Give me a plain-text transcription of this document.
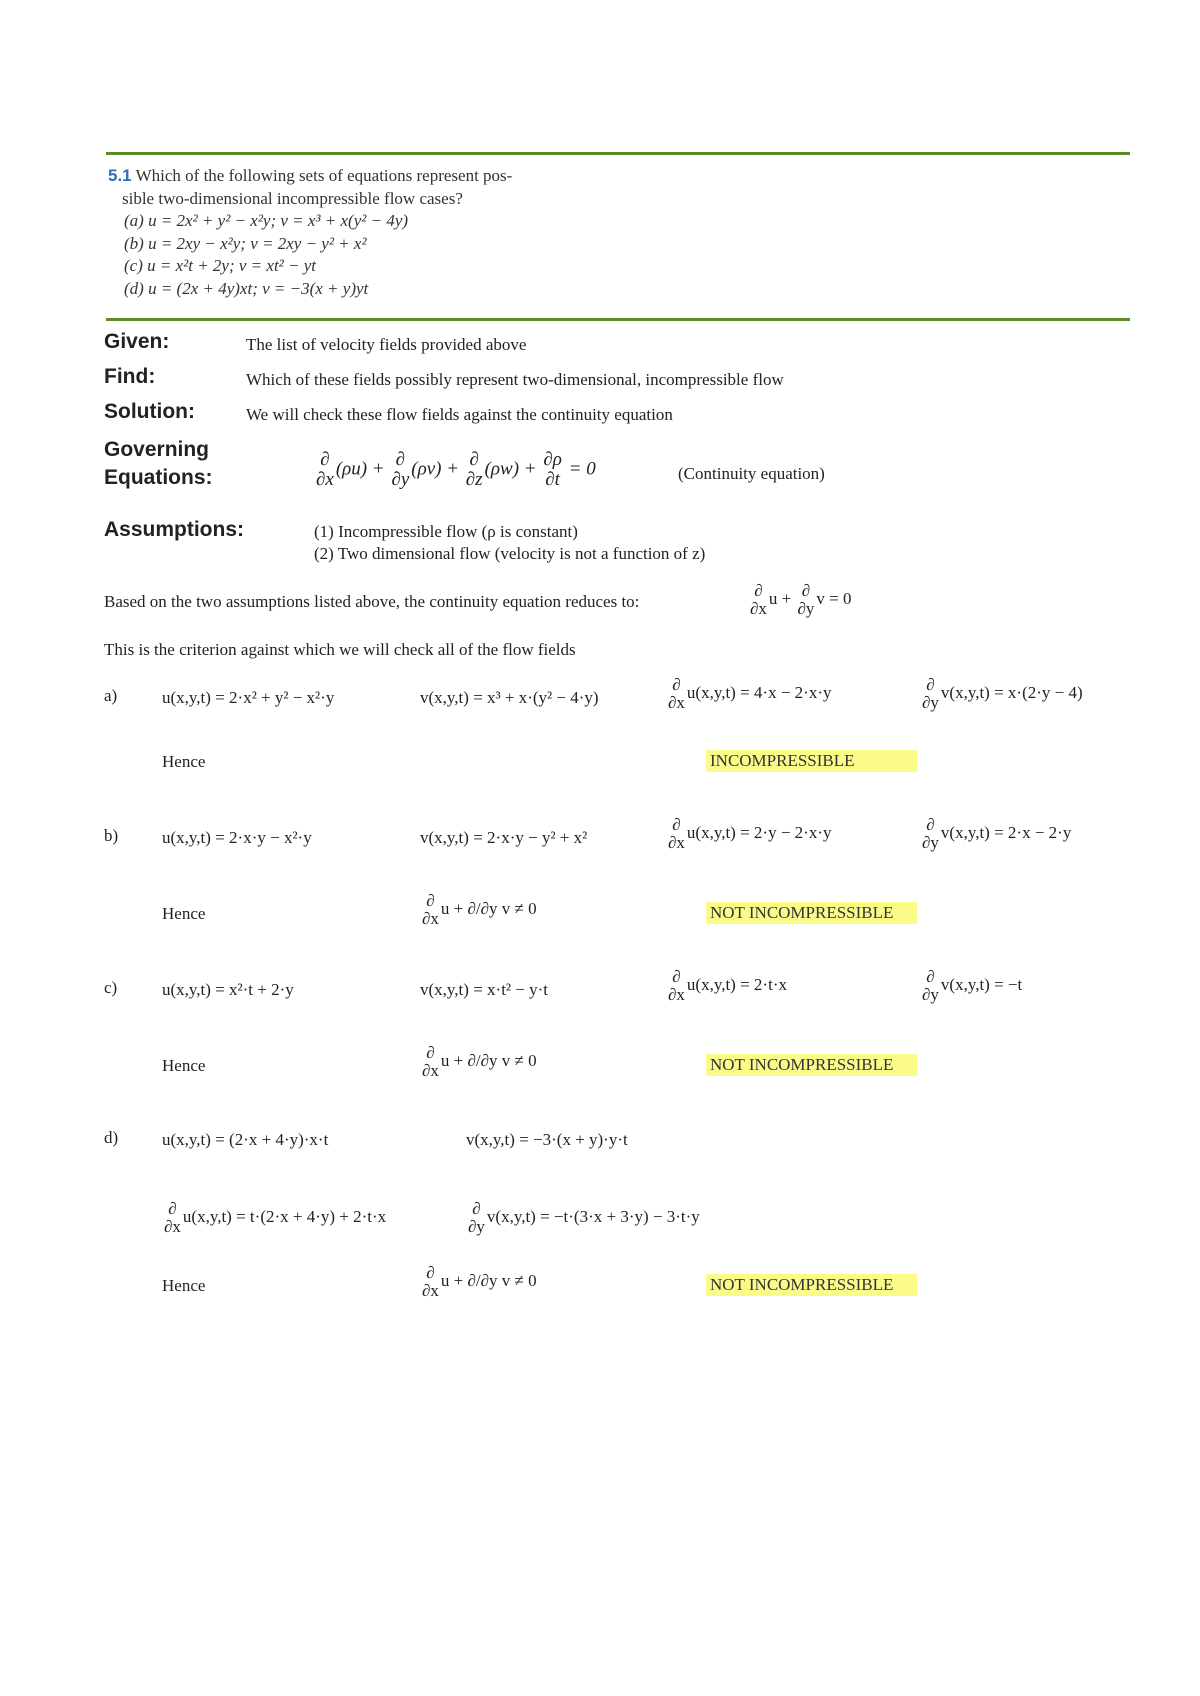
5.1 Which of the following sets of equations represent pos-
sible two-dimensional incompressible flow cases?
(a) u = 2x² + y² − x²y; v = x³ + x(y² − 4y)
(b) u = 2xy − x²y; v = 2xy − y² + x²
(c) u = x²t + 2y; v = xt² − yt
(d) u = (2x + 4y)xt; v = −3(x + y)yt
Given:	The list of velocity fields provided above
Find:	Which of these fields possibly represent two-dimensional, incompressible flow
Solution:	We will check these flow fields against the continuity equation
Governing
Equations:
∂
∂x
(ρu) + ∂
∂y
(ρv) + ∂
∂z
(ρw) + ∂ρ
∂t
= 0	(Continuity equation)
Assumptions:	(1) Incompressible flow (ρ is constant)
(2) Two dimensional flow (velocity is not a function of z)
Based on the two assumptions listed above, the continuity equation reduces to:
∂
∂x
u + ∂
∂y
v = 0
This is the criterion against which we will check all of the flow fields
a)	u(x,y,t) = 2·x² + y² − x²·y	v(x,y,t) = x³ + x·(y² − 4·y)
∂
∂x
u(x,y,t) = 4·x − 2·x·y	∂
∂y
v(x,y,t) = x·(2·y − 4)
Hence	INCOMPRESSIBLE
b)	u(x,y,t) = 2·x·y − x²·y	v(x,y,t) = 2·x·y − y² + x²
∂
∂x
u(x,y,t) = 2·y − 2·x·y	∂
∂y
v(x,y,t) = 2·x − 2·y
Hence
∂
∂x
u + ∂/∂y v ≠ 0	NOT INCOMPRESSIBLE
c)	u(x,y,t) = x²·t + 2·y	v(x,y,t) = x·t² − y·t
∂
∂x
u(x,y,t) = 2·t·x	∂
∂y
v(x,y,t) = −t
Hence
∂
∂x
u + ∂/∂y v ≠ 0	NOT INCOMPRESSIBLE
d)	u(x,y,t) = (2·x + 4·y)·x·t	v(x,y,t) = −3·(x + y)·y·t
∂
∂x
u(x,y,t) = t·(2·x + 4·y) + 2·t·x	∂
∂y
v(x,y,t) = −t·(3·x + 3·y) − 3·t·y
Hence
∂
∂x
u + ∂/∂y v ≠ 0	NOT INCOMPRESSIBLE
